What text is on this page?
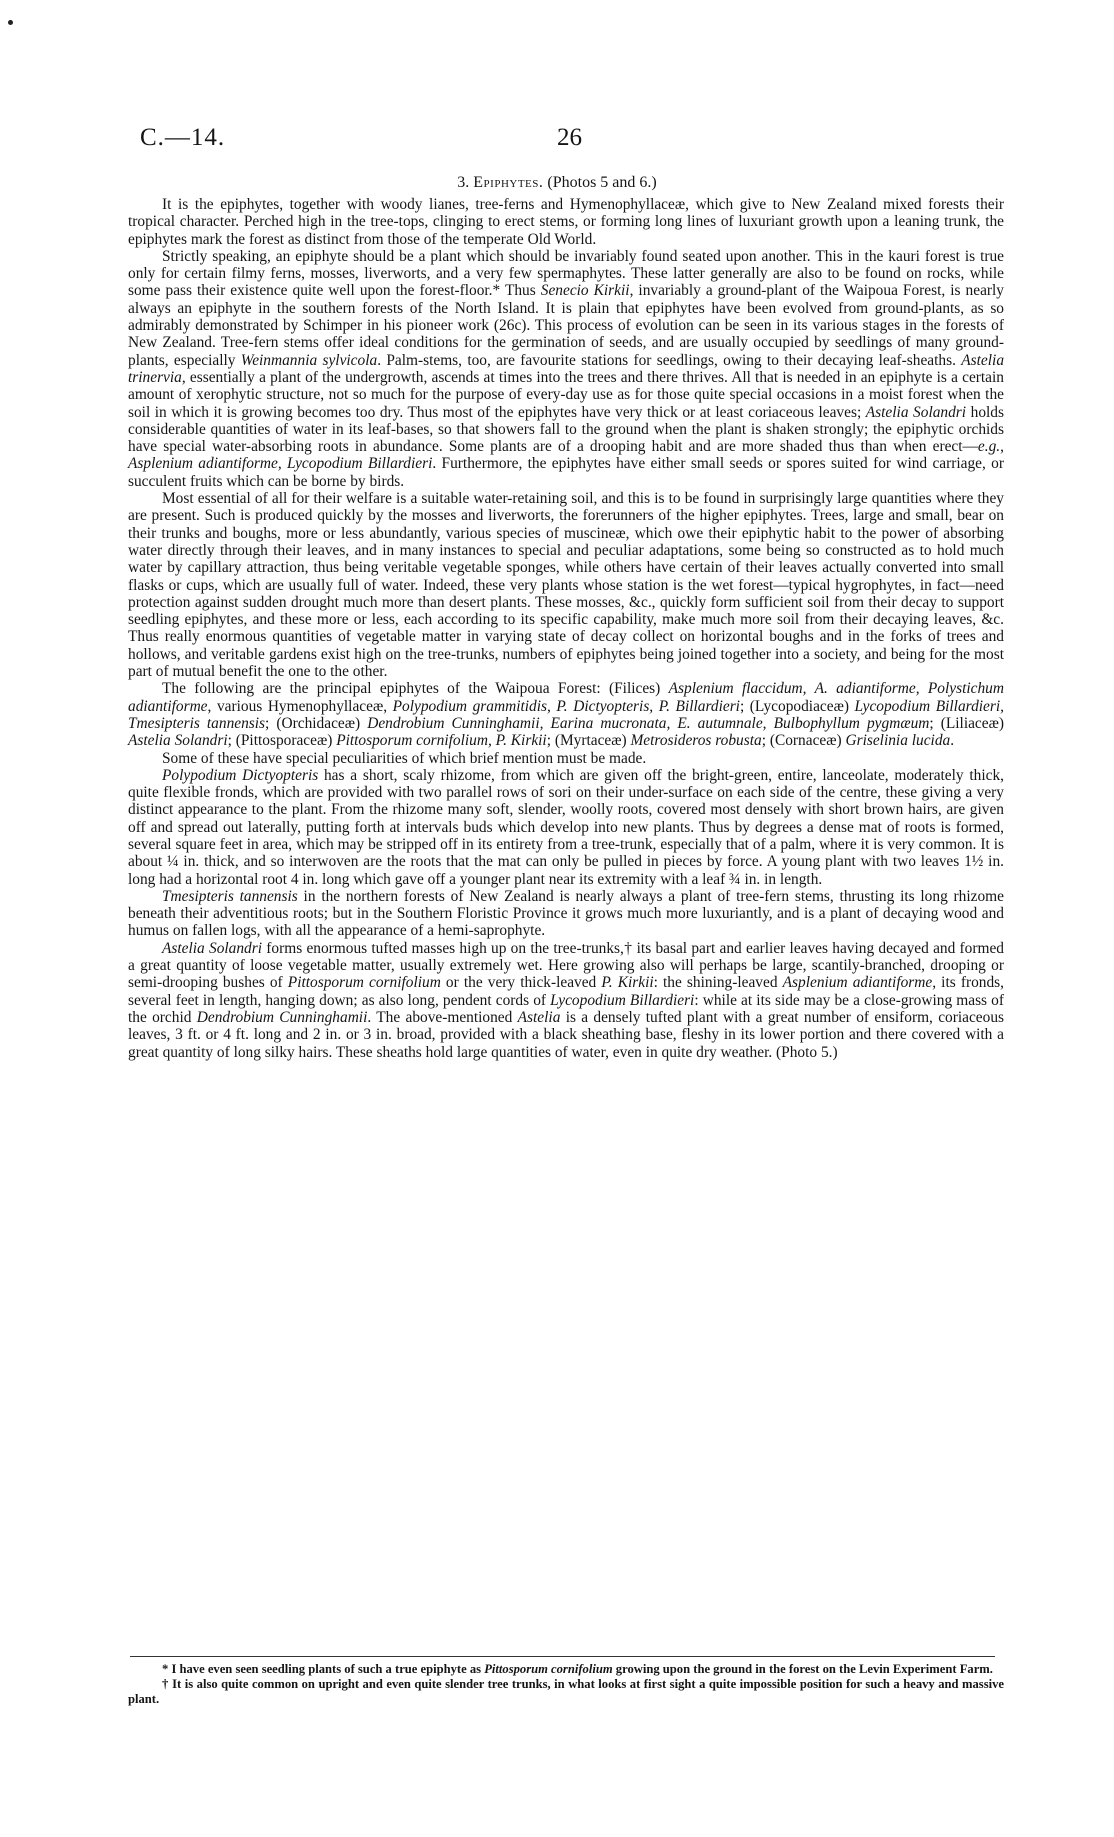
C.—14.	26
3. Epiphytes. (Photos 5 and 6.)

It is the epiphytes, together with woody lianes, tree-ferns and Hymenophyllaceæ, which give to New Zealand mixed forests their tropical character. Perched high in the tree-tops, clinging to erect stems, or forming long lines of luxuriant growth upon a leaning trunk, the epiphytes mark the forest as distinct from those of the temperate Old World.

Strictly speaking, an epiphyte should be a plant which should be invariably found seated upon another. This in the kauri forest is true only for certain filmy ferns, mosses, liverworts, and a very few spermaphytes. These latter generally are also to be found on rocks, while some pass their existence quite well upon the forest-floor.* Thus Senecio Kirkii, invariably a ground-plant of the Waipoua Forest, is nearly always an epiphyte in the southern forests of the North Island. It is plain that epiphytes have been evolved from ground-plants, as so admirably demonstrated by Schimper in his pioneer work (26c). This process of evolution can be seen in its various stages in the forests of New Zealand. Tree-fern stems offer ideal conditions for the germination of seeds, and are usually occupied by seedlings of many ground-plants, especially Weinmannia sylvicola. Palm-stems, too, are favourite stations for seedlings, owing to their decaying leaf-sheaths. Astelia trinervia, essentially a plant of the undergrowth, ascends at times into the trees and there thrives. All that is needed in an epiphyte is a certain amount of xerophytic structure, not so much for the purpose of every-day use as for those quite special occasions in a moist forest when the soil in which it is growing becomes too dry. Thus most of the epiphytes have very thick or at least coriaceous leaves; Astelia Solandri holds considerable quantities of water in its leaf-bases, so that showers fall to the ground when the plant is shaken strongly; the epiphytic orchids have special water-absorbing roots in abundance. Some plants are of a drooping habit and are more shaded thus than when erect—e.g., Asplenium adiantiforme, Lycopodium Billardieri. Furthermore, the epiphytes have either small seeds or spores suited for wind carriage, or succulent fruits which can be borne by birds.

Most essential of all for their welfare is a suitable water-retaining soil, and this is to be found in surprisingly large quantities where they are present. Such is produced quickly by the mosses and liverworts, the forerunners of the higher epiphytes. Trees, large and small, bear on their trunks and boughs, more or less abundantly, various species of muscineæ, which owe their epiphytic habit to the power of absorbing water directly through their leaves, and in many instances to special and peculiar adaptations, some being so constructed as to hold much water by capillary attraction, thus being veritable vegetable sponges, while others have certain of their leaves actually converted into small flasks or cups, which are usually full of water. Indeed, these very plants whose station is the wet forest—typical hygrophytes, in fact—need protection against sudden drought much more than desert plants. These mosses, &c., quickly form sufficient soil from their decay to support seedling epiphytes, and these more or less, each according to its specific capability, make much more soil from their decaying leaves, &c. Thus really enormous quantities of vegetable matter in varying state of decay collect on horizontal boughs and in the forks of trees and hollows, and veritable gardens exist high on the tree-trunks, numbers of epiphytes being joined together into a society, and being for the most part of mutual benefit the one to the other.

The following are the principal epiphytes of the Waipoua Forest: (Filices) Asplenium flaccidum, A. adiantiforme, Polystichum adiantiforme, various Hymenophyllaceæ, Polypodium grammitidis, P. Dictyopteris, P. Billardieri; (Lycopodiaceæ) Lycopodium Billardieri, Tmesipteris tannensis; (Orchidaceæ) Dendrobium Cunninghamii, Earina mucronata, E. autumnale, Bulbophyllum pygmæum; (Liliaceæ) Astelia Solandri; (Pittosporaceæ) Pittosporum cornifolium, P. Kirkii; (Myrtaceæ) Metrosideros robusta; (Cornaceæ) Griselinia lucida.

Some of these have special peculiarities of which brief mention must be made.

Polypodium Dictyopteris has a short, scaly rhizome, from which are given off the bright-green, entire, lanceolate, moderately thick, quite flexible fronds, which are provided with two parallel rows of sori on their under-surface on each side of the centre, these giving a very distinct appearance to the plant. From the rhizome many soft, slender, woolly roots, covered most densely with short brown hairs, are given off and spread out laterally, putting forth at intervals buds which develop into new plants. Thus by degrees a dense mat of roots is formed, several square feet in area, which may be stripped off in its entirety from a tree-trunk, especially that of a palm, where it is very common. It is about ¼ in. thick, and so interwoven are the roots that the mat can only be pulled in pieces by force. A young plant with two leaves 1½ in. long had a horizontal root 4 in. long which gave off a younger plant near its extremity with a leaf ¾ in. in length.

Tmesipteris tannensis in the northern forests of New Zealand is nearly always a plant of tree-fern stems, thrusting its long rhizome beneath their adventitious roots; but in the Southern Floristic Province it grows much more luxuriantly, and is a plant of decaying wood and humus on fallen logs, with all the appearance of a hemi-saprophyte.

Astelia Solandri forms enormous tufted masses high up on the tree-trunks,† its basal part and earlier leaves having decayed and formed a great quantity of loose vegetable matter, usually extremely wet. Here growing also will perhaps be large, scantily-branched, drooping or semi-drooping bushes of Pittosporum cornifolium or the very thick-leaved P. Kirkii: the shining-leaved Asplenium adiantiforme, its fronds, several feet in length, hanging down; as also long, pendent cords of Lycopodium Billardieri: while at its side may be a close-growing mass of the orchid Dendrobium Cunninghamii. The above-mentioned Astelia is a densely tufted plant with a great number of ensiform, coriaceous leaves, 3 ft. or 4 ft. long and 2 in. or 3 in. broad, provided with a black sheathing base, fleshy in its lower portion and there covered with a great quantity of long silky hairs. These sheaths hold large quantities of water, even in quite dry weather. (Photo 5.)

* I have even seen seedling plants of such a true epiphyte as Pittosporum cornifolium growing upon the ground in the forest on the Levin Experiment Farm.

† It is also quite common on upright and even quite slender tree trunks, in what looks at first sight a quite impossible position for such a heavy and massive plant.
